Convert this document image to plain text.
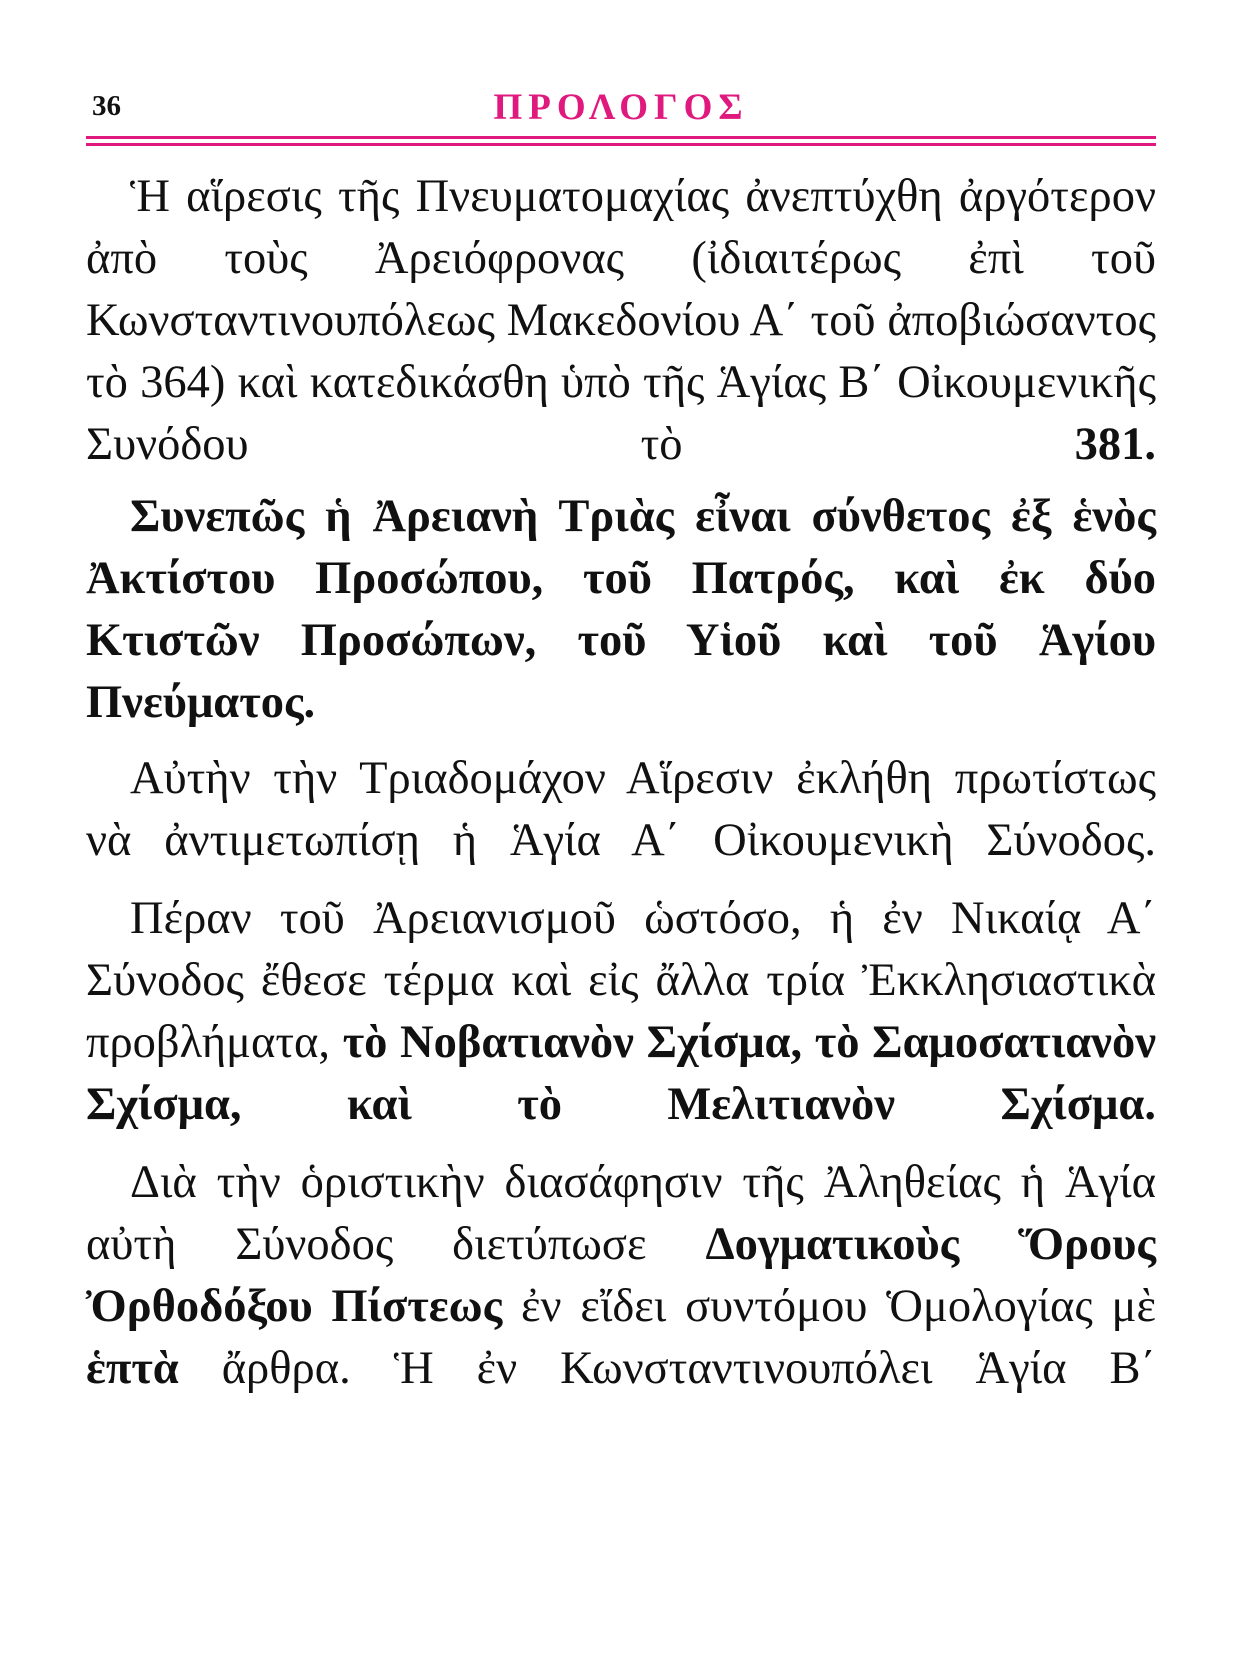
36	ΠΡΟΛΟΓΟΣ

Ἡ αἵρεσις τῆς Πνευματομαχίας ἀνεπτύχθη ἀργότερον ἀπὸ τοὺς Ἀρειόφρονας (ἰδιαιτέρως ἐπὶ τοῦ Κωνσταντινουπόλεως Μακεδονίου Α΄ τοῦ ἀποβιώσαντος τὸ 364) καὶ κατεδικάσθη ὑπὸ τῆς Ἁγίας Β΄ Οἰκουμενικῆς Συνόδου τὸ 381.

Συνεπῶς ἡ Ἀρειανὴ Τριὰς εἶναι σύνθετος ἐξ ἑνὸς Ἀκτίστου Προσώπου, τοῦ Πατρός, καὶ ἐκ δύο Κτιστῶν Προσώπων, τοῦ Υἱοῦ καὶ τοῦ Ἁγίου Πνεύματος.

Αὐτὴν τὴν Τριαδομάχον Αἵρεσιν ἐκλήθη πρωτίστως νὰ ἀντιμετωπίσῃ ἡ Ἁγία Α΄ Οἰκουμενικὴ Σύνοδος.

Πέραν τοῦ Ἀρειανισμοῦ ὡστόσο, ἡ ἐν Νικαίᾳ Α΄ Σύνοδος ἔθεσε τέρμα καὶ εἰς ἄλλα τρία Ἐκκλησιαστικὰ προβλήματα, τὸ Νοβατιανὸν Σχίσμα, τὸ Σαμοσατιανὸν Σχίσμα, καὶ τὸ Μελιτιανὸν Σχίσμα.

Διὰ τὴν ὁριστικὴν διασάφησιν τῆς Ἀληθείας ἡ Ἁγία αὐτὴ Σύνοδος διετύπωσε Δογματικοὺς Ὅρους Ὀρθοδόξου Πίστεως ἐν εἴδει συντόμου Ὁμολογίας μὲ ἑπτὰ ἄρθρα. Ἡ ἐν Κωνσταντινουπόλει Ἁγία Β΄
